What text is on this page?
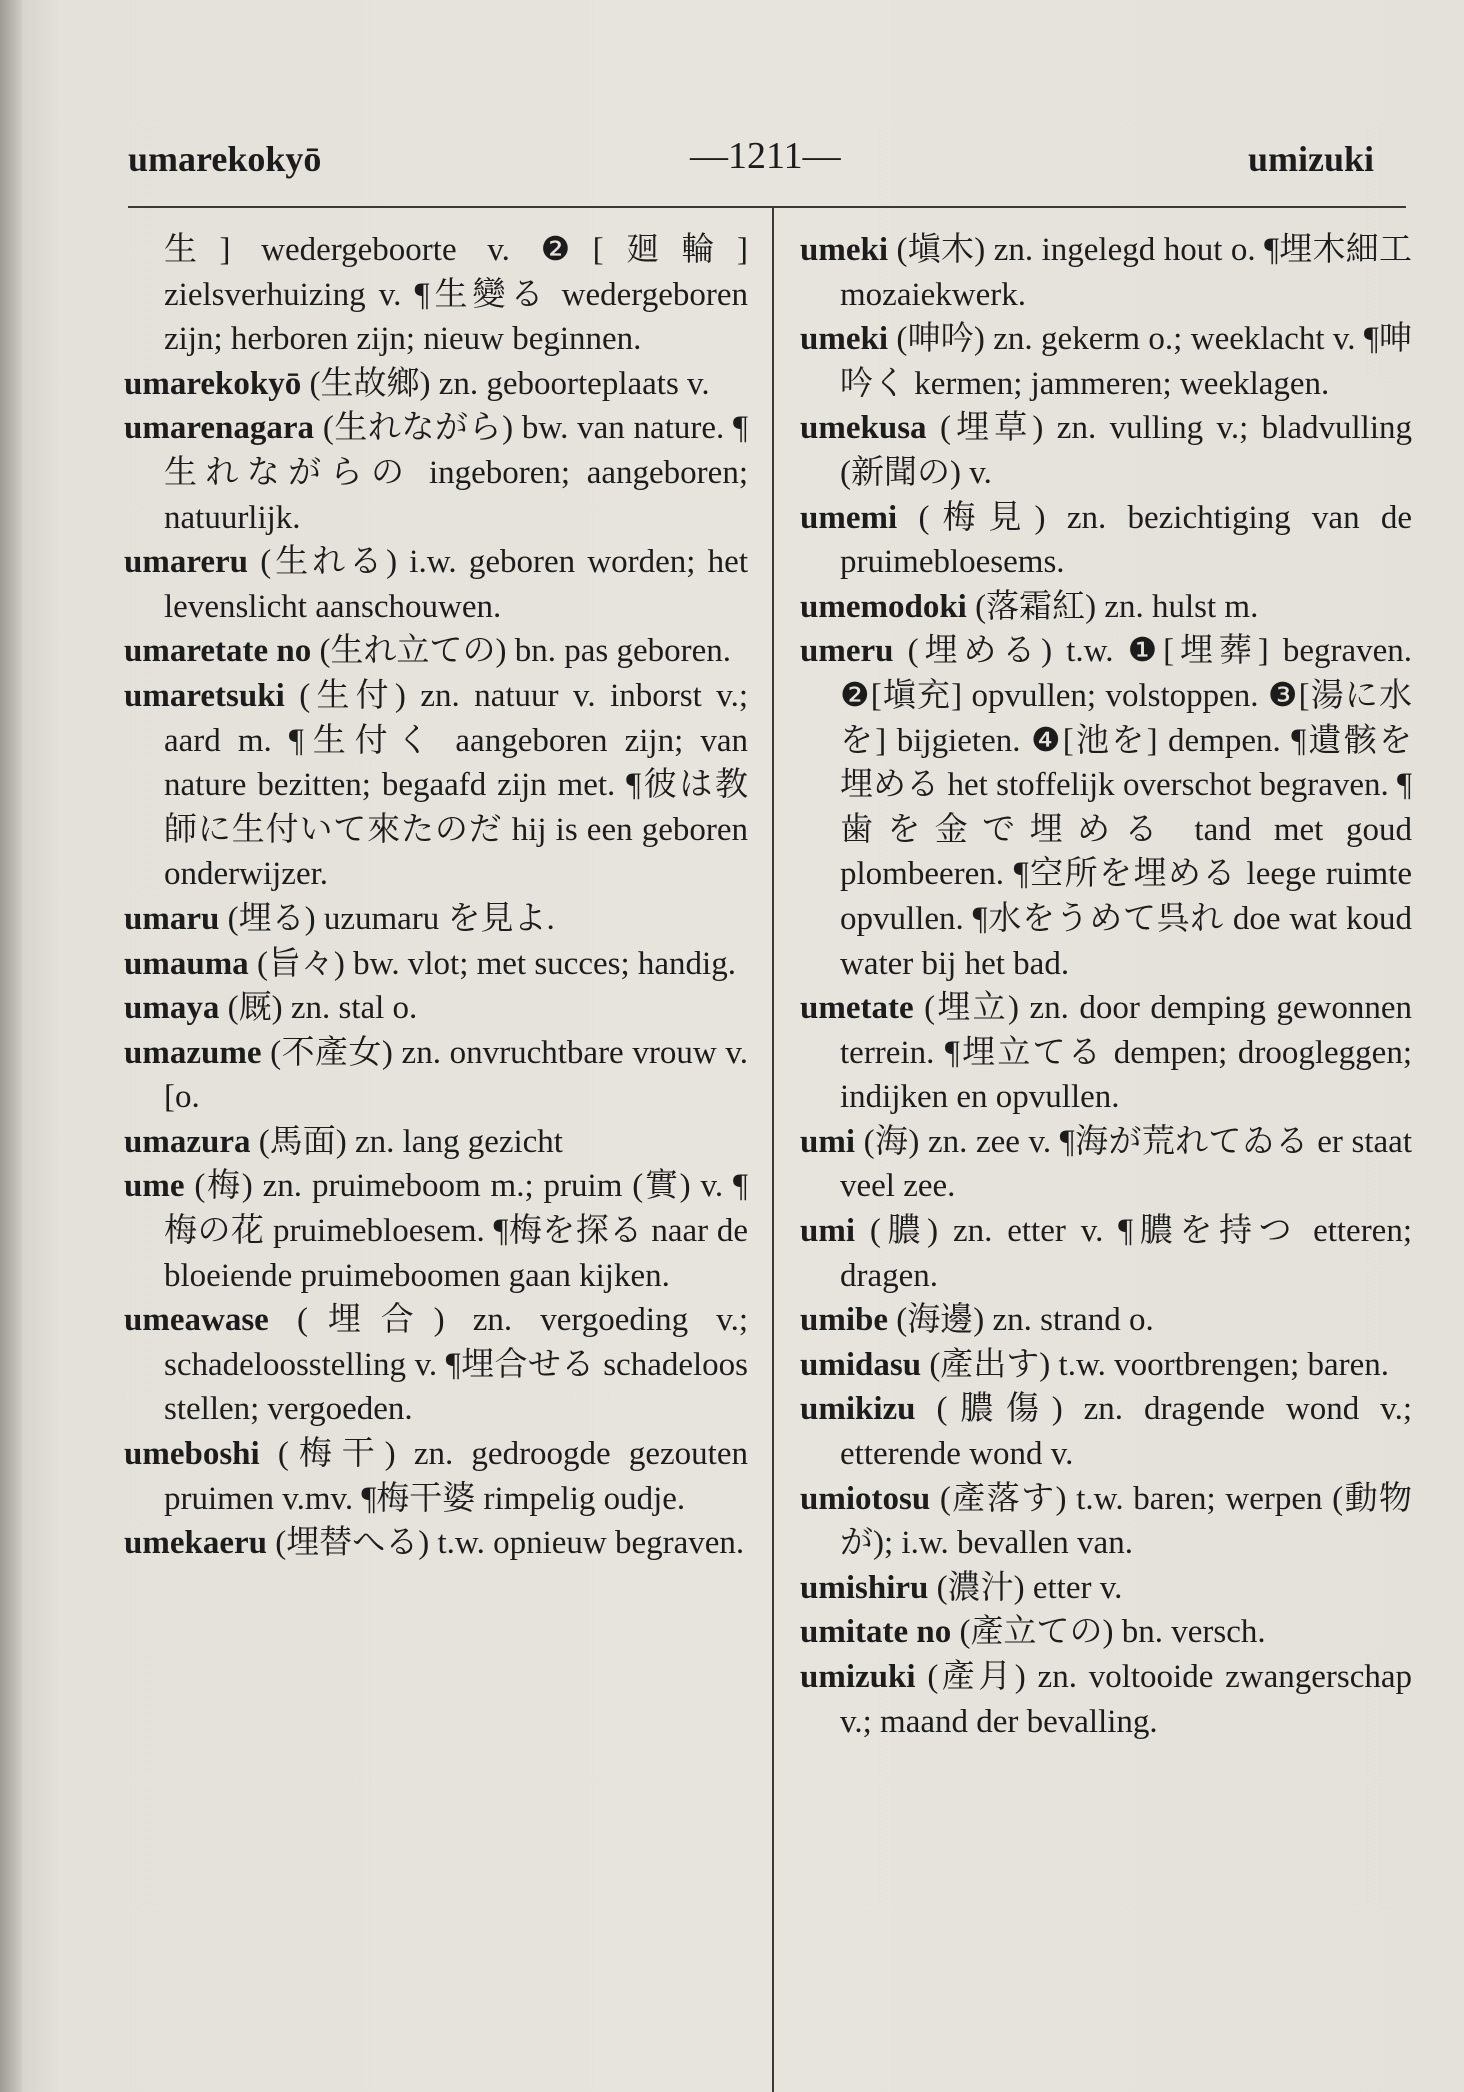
umarekokyō	—1211—	umizuki

生] wedergeboorte v. ❷[廻輪] zielsverhuizing v. ¶生變る wedergeboren zijn; herboren zijn; nieuw beginnen.

umarekokyō (生故鄉) zn. geboorteplaats v.

umarenagara (生れながら) bw. van nature. ¶生れながらの ingeboren; aangeboren; natuurlijk.

umareru (生れる) i.w. geboren worden; het levenslicht aanschouwen.

umaretate no (生れ立ての) bn. pas geboren.

umaretsuki (生付) zn. natuur v. inborst v.; aard m. ¶生付く aangeboren zijn; van nature bezitten; begaafd zijn met. ¶彼は教師に生付いて來たのだ hij is een geboren onderwijzer.

umaru (埋る) uzumaru を見よ.

umauma (旨々) bw. vlot; met succes; handig.

umaya (厩) zn. stal o.

umazume (不產女) zn. onvruchtbare vrouw v. [o.

umazura (馬面) zn. lang gezicht

ume (梅) zn. pruimeboom m.; pruim (實) v. ¶梅の花 pruimebloesem. ¶梅を探る naar de bloeiende pruimeboomen gaan kijken.

umeawase (埋合) zn. vergoeding v.; schadeloosstelling v. ¶埋合せる schadeloos stellen; vergoeden.

umeboshi (梅干) zn. gedroogde gezouten pruimen v.mv. ¶梅干婆 rimpelig oudje.

umekaeru (埋替へる) t.w. opnieuw begraven.

umeki (塡木) zn. ingelegd hout o. ¶埋木細工 mozaiekwerk.

umeki (呻吟) zn. gekerm o.; weeklacht v. ¶呻吟く kermen; jammeren; weeklagen.

umekusa (埋草) zn. vulling v.; bladvulling (新聞の) v.

umemi (梅見) zn. bezichtiging van de pruimebloesems.

umemodoki (落霜紅) zn. hulst m.

umeru (埋める) t.w. ❶[埋葬] begraven. ❷[塡充] opvullen; volstoppen. ❸[湯に水を] bijgieten. ❹[池を] dempen. ¶遺骸を埋める het stoffelijk overschot begraven. ¶歯を金で埋める tand met goud plombeeren. ¶空所を埋める leege ruimte opvullen. ¶水をうめて呉れ doe wat koud water bij het bad.

umetate (埋立) zn. door demping gewonnen terrein. ¶埋立てる dempen; droogleggen; indijken en opvullen.

umi (海) zn. zee v. ¶海が荒れてゐる er staat veel zee.

umi (膿) zn. etter v. ¶膿を持つ etteren; dragen.

umibe (海邊) zn. strand o.

umidasu (產出す) t.w. voortbrengen; baren.

umikizu (膿傷) zn. dragende wond v.; etterende wond v.

umiotosu (產落す) t.w. baren; werpen (動物が); i.w. bevallen van.

umishiru (濃汁) etter v.

umitate no (產立ての) bn. versch.

umizuki (產月) zn. voltooide zwangerschap v.; maand der bevalling.
